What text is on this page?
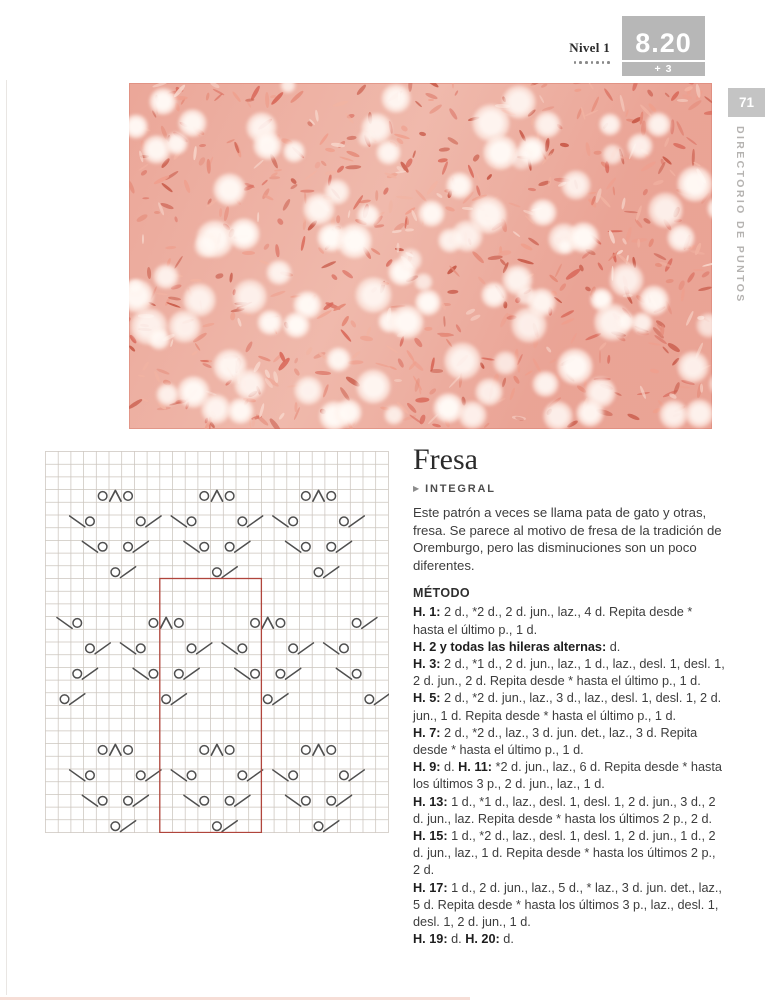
Nivel 1 8.20
+ 3
71
DIRECTORIO DE PUNTOS
Fresa
▶ INTEGRAL

Este patrón a veces se llama pata de gato y otras, fresa. Se parece al motivo de fresa de la tradición de Oremburgo, pero las disminuciones son un poco diferentes.

MÉTODO

H. 1: 2 d., *2 d., 2 d. jun., laz., 4 d. Repita desde * hasta el último p., 1 d.

H. 2 y todas las hileras alternas: d.

H. 3: 2 d., *1 d., 2 d. jun., laz., 1 d., laz., desl. 1, desl. 1, 2 d. jun., 2 d. Repita desde * hasta el último p., 1 d.

H. 5: 2 d., *2 d. jun., laz., 3 d., laz., desl. 1, desl. 1, 2 d. jun., 1 d. Repita desde * hasta el último p., 1 d.

H. 7: 2 d., *2 d., laz., 3 d. jun. det., laz., 3 d. Repita desde * hasta el último p., 1 d.

H. 9: d. H. 11: *2 d. jun., laz., 6 d. Repita desde * hasta los últimos 3 p., 2 d. jun., laz., 1 d.

H. 13: 1 d., *1 d., laz., desl. 1, desl. 1, 2 d. jun., 3 d., 2 d. jun., laz. Repita desde * hasta los últimos 2 p., 2 d.

H. 15: 1 d., *2 d., laz., desl. 1, desl. 1, 2 d. jun., 1 d., 2 d. jun., laz., 1 d. Repita desde * hasta los últimos 2 p., 2 d.

H. 17: 1 d., 2 d. jun., laz., 5 d., * laz., 3 d. jun. det., laz., 5 d. Repita desde * hasta los últimos 3 p., laz., desl. 1, desl. 1, 2 d. jun., 1 d.

H. 19: d. H. 20: d.
